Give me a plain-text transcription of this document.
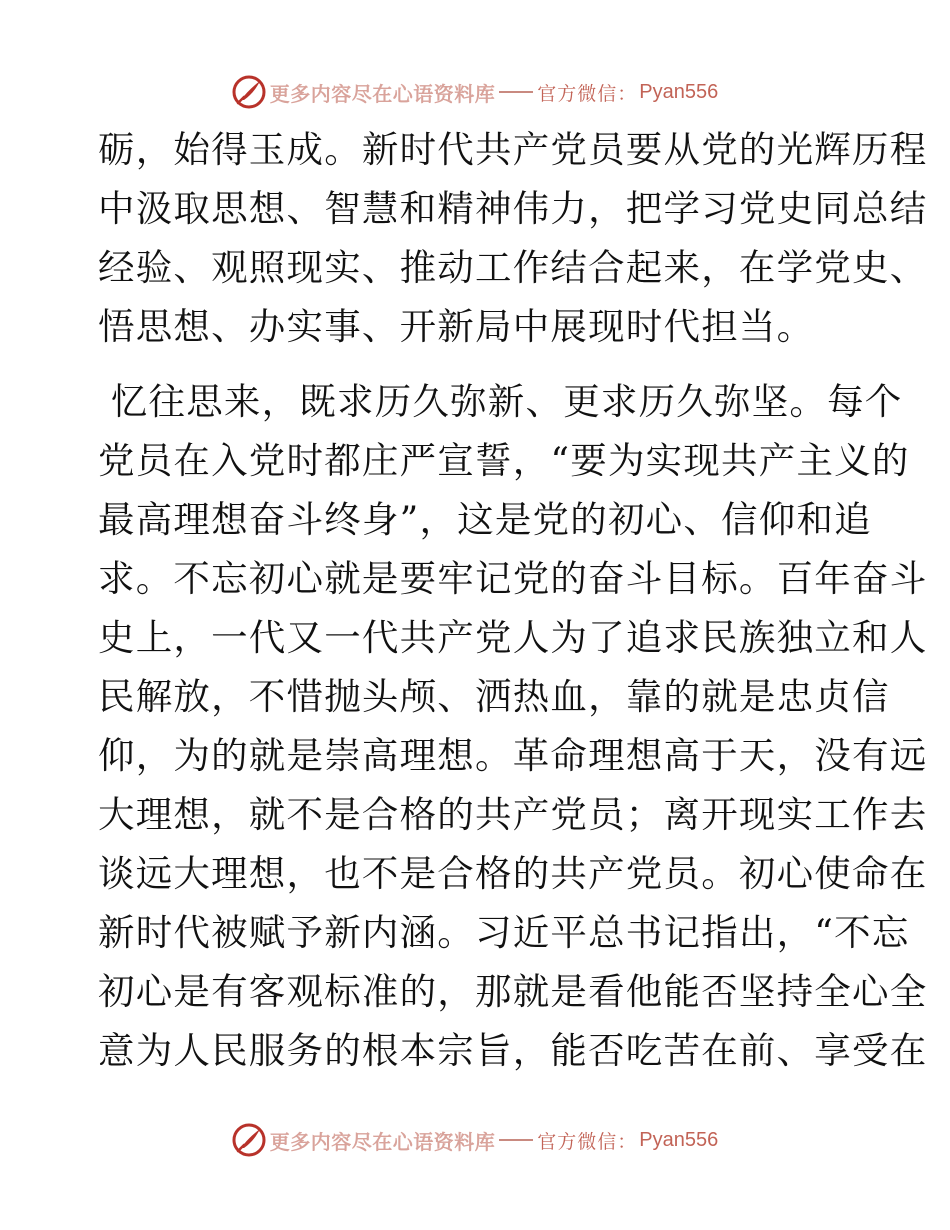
更多内容尽在心语资料库 官方微信： Pyan556

砺，始得玉成。新时代共产党员要从党的光辉历程
中汲取思想、智慧和精神伟力，把学习党史同总结
经验、观照现实、推动工作结合起来，在学党史、
悟思想、办实事、开新局中展现时代担当。

忆往思来，既求历久弥新、更求历久弥坚。每个
党员在入党时都庄严宣誓，“要为实现共产主义的
最高理想奋斗终身”，这是党的初心、信仰和追
求。不忘初心就是要牢记党的奋斗目标。百年奋斗
史上，一代又一代共产党人为了追求民族独立和人
民解放，不惜抛头颅、洒热血，靠的就是忠贞信
仰，为的就是崇高理想。革命理想高于天，没有远
大理想，就不是合格的共产党员；离开现实工作去
谈远大理想，也不是合格的共产党员。初心使命在
新时代被赋予新内涵。习近平总书记指出，“不忘
初心是有客观标准的，那就是看他能否坚持全心全
意为人民服务的根本宗旨，能否吃苦在前、享受在

更多内容尽在心语资料库 官方微信： Pyan556
